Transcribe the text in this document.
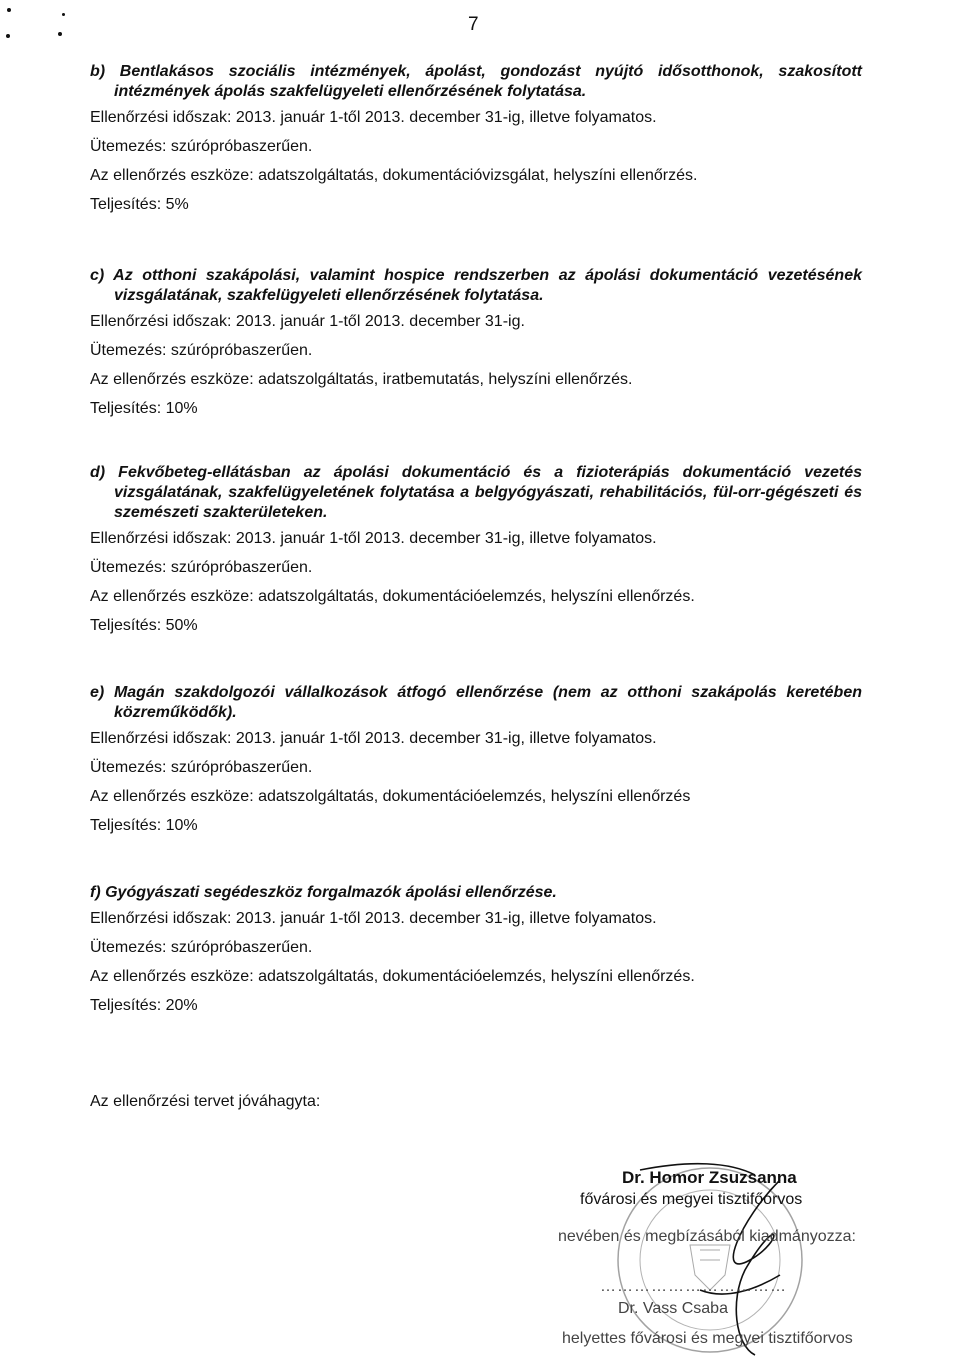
7
b) Bentlakásos szociális intézmények, ápolást, gondozást nyújtó idősotthonok, szakosított intézmények ápolás szakfelügyeleti ellenőrzésének folytatása.
Ellenőrzési időszak: 2013. január 1-től 2013. december 31-ig, illetve folyamatos.
Ütemezés: szúrópróbaszerűen.
Az ellenőrzés eszköze: adatszolgáltatás, dokumentációvizsgálat, helyszíni ellenőrzés.
Teljesítés: 5%
c) Az otthoni szakápolási, valamint hospice rendszerben az ápolási dokumentáció vezetésének vizsgálatának, szakfelügyeleti ellenőrzésének folytatása.
Ellenőrzési időszak: 2013. január 1-től 2013. december 31-ig.
Ütemezés: szúrópróbaszerűen.
Az ellenőrzés eszköze: adatszolgáltatás, iratbemutatás, helyszíni ellenőrzés.
Teljesítés: 10%
d) Fekvőbeteg-ellátásban az ápolási dokumentáció és a fizioterápiás dokumentáció vezetés vizsgálatának, szakfelügyeletének folytatása a belgyógyászati, rehabilitációs, fül-orr-gégészeti és szemészeti szakterületeken.
Ellenőrzési időszak: 2013. január 1-től 2013. december 31-ig, illetve folyamatos.
Ütemezés: szúrópróbaszerűen.
Az ellenőrzés eszköze: adatszolgáltatás, dokumentációelemzés, helyszíni ellenőrzés.
Teljesítés: 50%
e) Magán szakdolgozói vállalkozások átfogó ellenőrzése (nem az otthoni szakápolás keretében közreműködők).
Ellenőrzési időszak: 2013. január 1-től 2013. december 31-ig, illetve folyamatos.
Ütemezés: szúrópróbaszerűen.
Az ellenőrzés eszköze: adatszolgáltatás, dokumentációelemzés, helyszíni ellenőrzés
Teljesítés: 10%
f) Gyógyászati segédeszköz forgalmazók ápolási ellenőrzése.
Ellenőrzési időszak: 2013. január 1-től 2013. december 31-ig, illetve folyamatos.
Ütemezés: szúrópróbaszerűen.
Az ellenőrzés eszköze: adatszolgáltatás, dokumentációelemzés, helyszíni ellenőrzés.
Teljesítés: 20%
Az ellenőrzési tervet jóváhagyta:
Dr. Homor Zsuzsanna
fővárosi és megyei tisztifőorvos
nevében és megbízásából kiadmányozza:
……………………………
Dr. Vass Csaba
helyettes fővárosi és megyei tisztifőorvos
